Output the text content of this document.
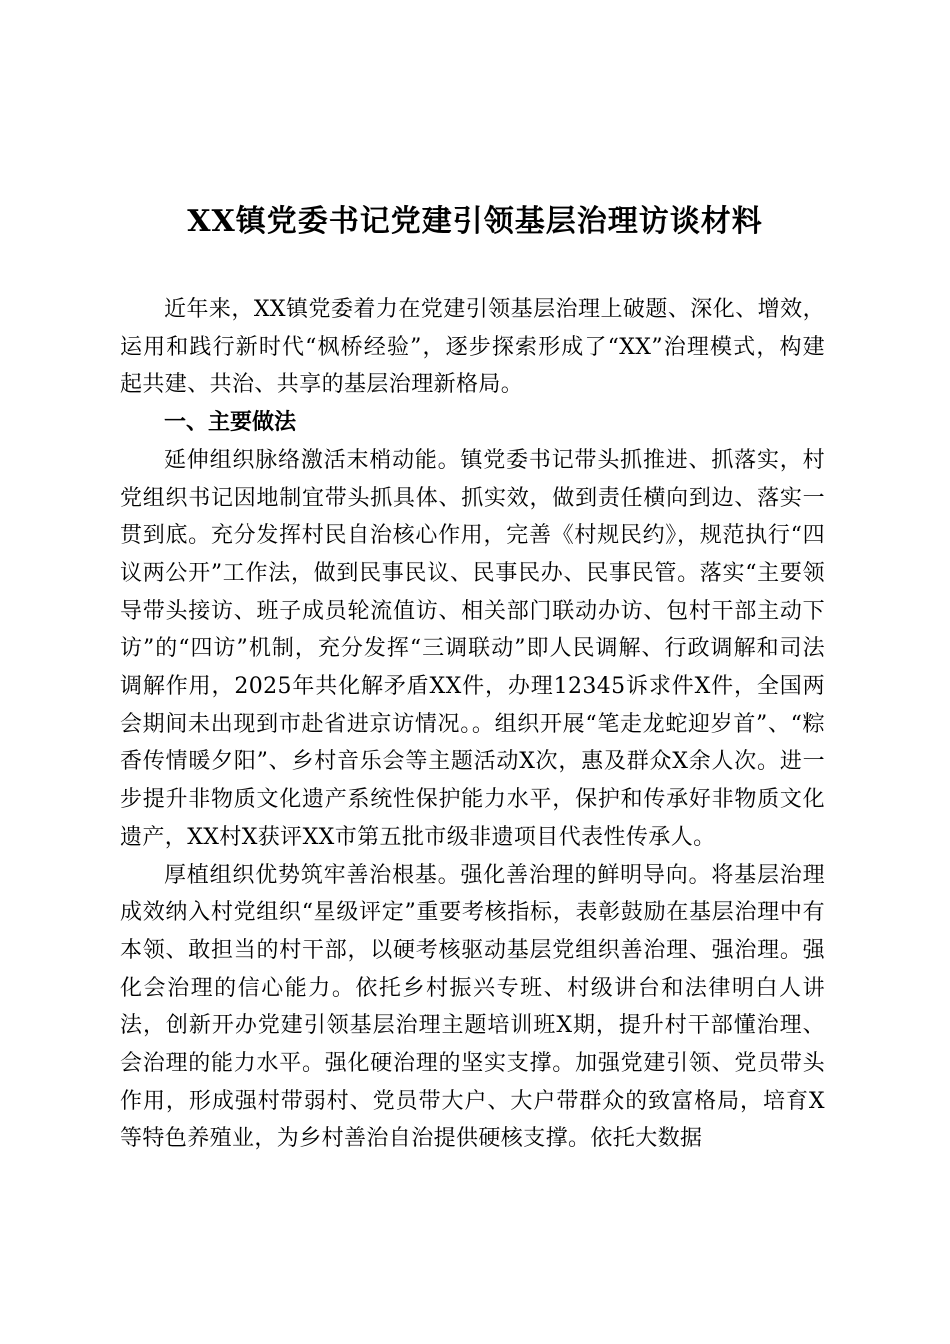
XX镇党委书记党建引领基层治理访谈材料

近年来，XX镇党委着力在党建引领基层治理上破题、深化、增效，运用和践行新时代“枫桥经验”，逐步探索形成了“XX”治理模式，构建起共建、共治、共享的基层治理新格局。

一、主要做法

延伸组织脉络激活末梢动能。镇党委书记带头抓推进、抓落实，村党组织书记因地制宜带头抓具体、抓实效，做到责任横向到边、落实一贯到底。充分发挥村民自治核心作用，完善《村规民约》，规范执行“四议两公开”工作法，做到民事民议、民事民办、民事民管。落实“主要领导带头接访、班子成员轮流值访、相关部门联动办访、包村干部主动下访”的“四访”机制，充分发挥“三调联动”即人民调解、行政调解和司法调解作用，2025年共化解矛盾XX件，办理12345诉求件X件，全国两会期间未出现到市赴省进京访情况。。组织开展“笔走龙蛇迎岁首”、“粽香传情暖夕阳”、乡村音乐会等主题活动X次，惠及群众X余人次。进一步提升非物质文化遗产系统性保护能力水平，保护和传承好非物质文化遗产，XX村X获评XX市第五批市级非遗项目代表性传承人。

厚植组织优势筑牢善治根基。强化善治理的鲜明导向。将基层治理成效纳入村党组织“星级评定”重要考核指标，表彰鼓励在基层治理中有本领、敢担当的村干部，以硬考核驱动基层党组织善治理、强治理。强化会治理的信心能力。依托乡村振兴专班、村级讲台和法律明白人讲法，创新开办党建引领基层治理主题培训班X期，提升村干部懂治理、会治理的能力水平。强化硬治理的坚实支撑。加强党建引领、党员带头作用，形成强村带弱村、党员带大户、大户带群众的致富格局，培育X等特色养殖业，为乡村善治自治提供硬核支撑。依托大数据
